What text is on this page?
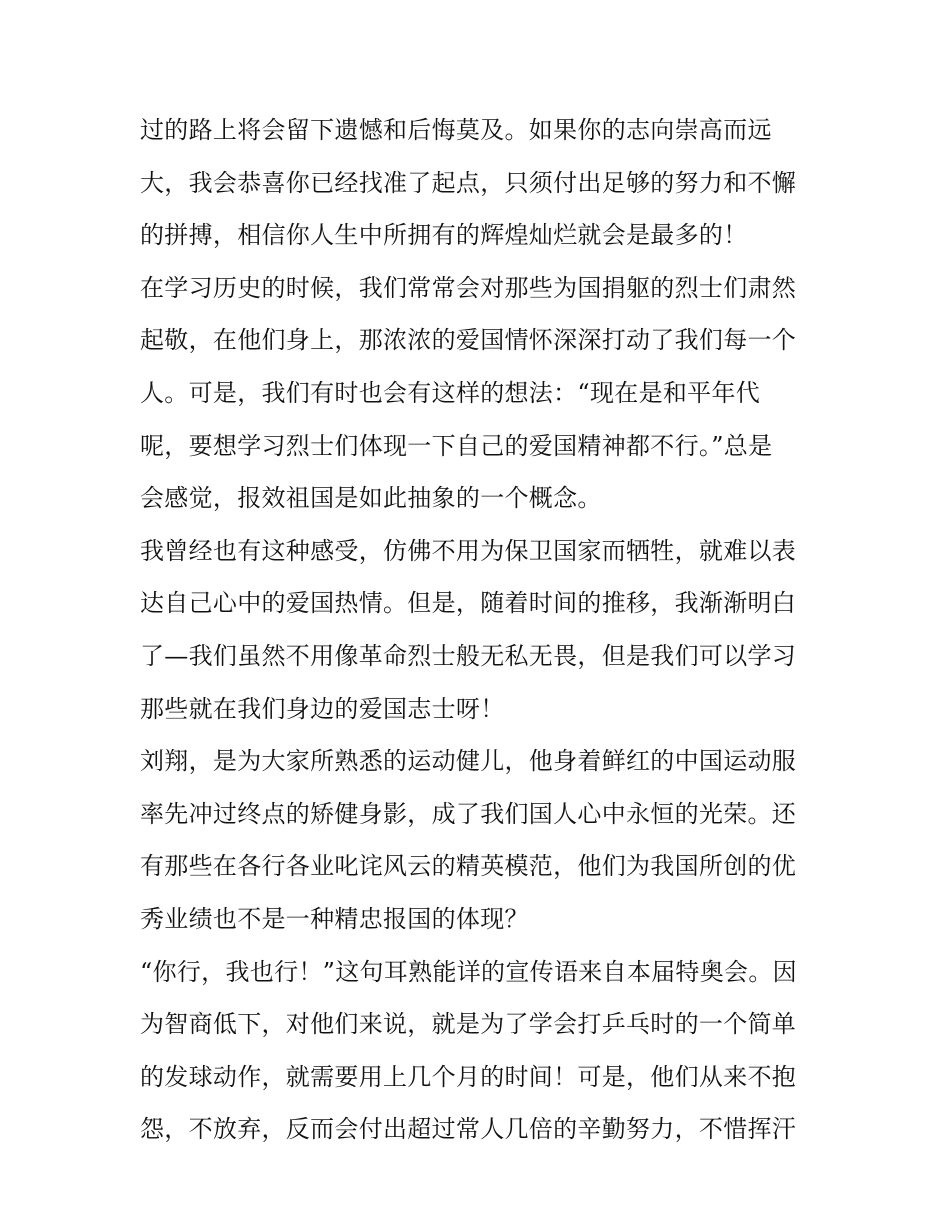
过的路上将会留下遗憾和后悔莫及。如果你的志向崇高而远
大，我会恭喜你已经找准了起点，只须付出足够的努力和不懈
的拼搏，相信你人生中所拥有的辉煌灿烂就会是最多的！
在学习历史的时候，我们常常会对那些为国捐躯的烈士们肃然
起敬，在他们身上，那浓浓的爱国情怀深深打动了我们每一个
人。可是，我们有时也会有这样的想法：“现在是和平年代
呢，要想学习烈士们体现一下自己的爱国精神都不行。”总是
会感觉，报效祖国是如此抽象的一个概念。
我曾经也有这种感受，仿佛不用为保卫国家而牺牲，就难以表
达自己心中的爱国热情。但是，随着时间的推移，我渐渐明白
了—我们虽然不用像革命烈士般无私无畏，但是我们可以学习
那些就在我们身边的爱国志士呀！
刘翔，是为大家所熟悉的运动健儿，他身着鲜红的中国运动服
率先冲过终点的矫健身影，成了我们国人心中永恒的光荣。还
有那些在各行各业叱诧风云的精英模范，他们为我国所创的优
秀业绩也不是一种精忠报国的体现？
“你行，我也行！”这句耳熟能详的宣传语来自本届特奥会。因
为智商低下，对他们来说，就是为了学会打乒乓时的一个简单
的发球动作，就需要用上几个月的时间！可是，他们从来不抱
怨，不放弃，反而会付出超过常人几倍的辛勤努力，不惜挥汗
